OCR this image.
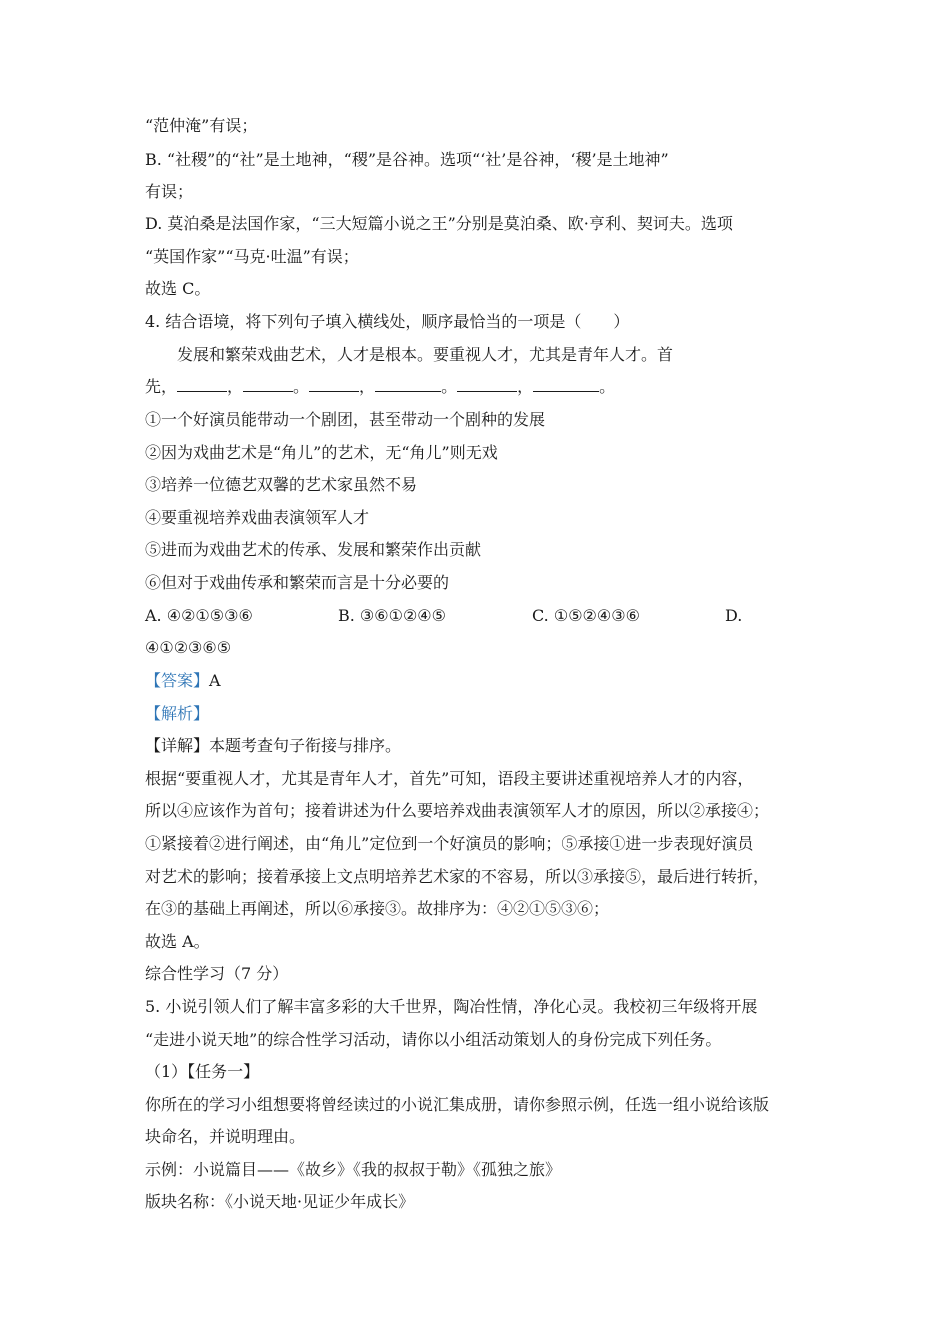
“范仲淹”有误；
B. “社稷”的“社”是土地神，“稷”是谷神。选项“‘社’是谷神，‘稷’是土地神”
有误；
D. 莫泊桑是法国作家，“三大短篇小说之王”分别是莫泊桑、欧·亨利、契诃夫。选项
“英国作家”“马克·吐温”有误；
故选 C。
4. 结合语境，将下列句子填入横线处，顺序最恰当的一项是（　　）
发展和繁荣戏曲艺术，人才是根本。要重视人才，尤其是青年人才。首
先，	，	。	，	。	，	。
①一个好演员能带动一个剧团，甚至带动一个剧种的发展
②因为戏曲艺术是“角儿”的艺术，无“角儿”则无戏
③培养一位德艺双馨的艺术家虽然不易
④要重视培养戏曲表演领军人才
⑤进而为戏曲艺术的传承、发展和繁荣作出贡献
⑥但对于戏曲传承和繁荣而言是十分必要的
A. ④②①⑤③⑥	B. ③⑥①②④⑤	C. ①⑤②④③⑥	D.
④①②③⑥⑤
【答案】A
【解析】
【详解】本题考查句子衔接与排序。
根据“要重视人才，尤其是青年人才，首先”可知，语段主要讲述重视培养人才的内容，
所以④应该作为首句；接着讲述为什么要培养戏曲表演领军人才的原因，所以②承接④；
①紧接着②进行阐述，由“角儿”定位到一个好演员的影响；⑤承接①进一步表现好演员
对艺术的影响；接着承接上文点明培养艺术家的不容易，所以③承接⑤，最后进行转折，
在③的基础上再阐述，所以⑥承接③。故排序为：④②①⑤③⑥；
故选 A。
综合性学习（7 分）
5. 小说引领人们了解丰富多彩的大千世界，陶冶性情，净化心灵。我校初三年级将开展
“走进小说天地”的综合性学习活动，请你以小组活动策划人的身份完成下列任务。
（1）【任务一】
你所在的学习小组想要将曾经读过的小说汇集成册，请你参照示例，任选一组小说给该版
块命名，并说明理由。
示例：小说篇目——《故乡》《我的叔叔于勒》《孤独之旅》
版块名称：《小说天地·见证少年成长》
